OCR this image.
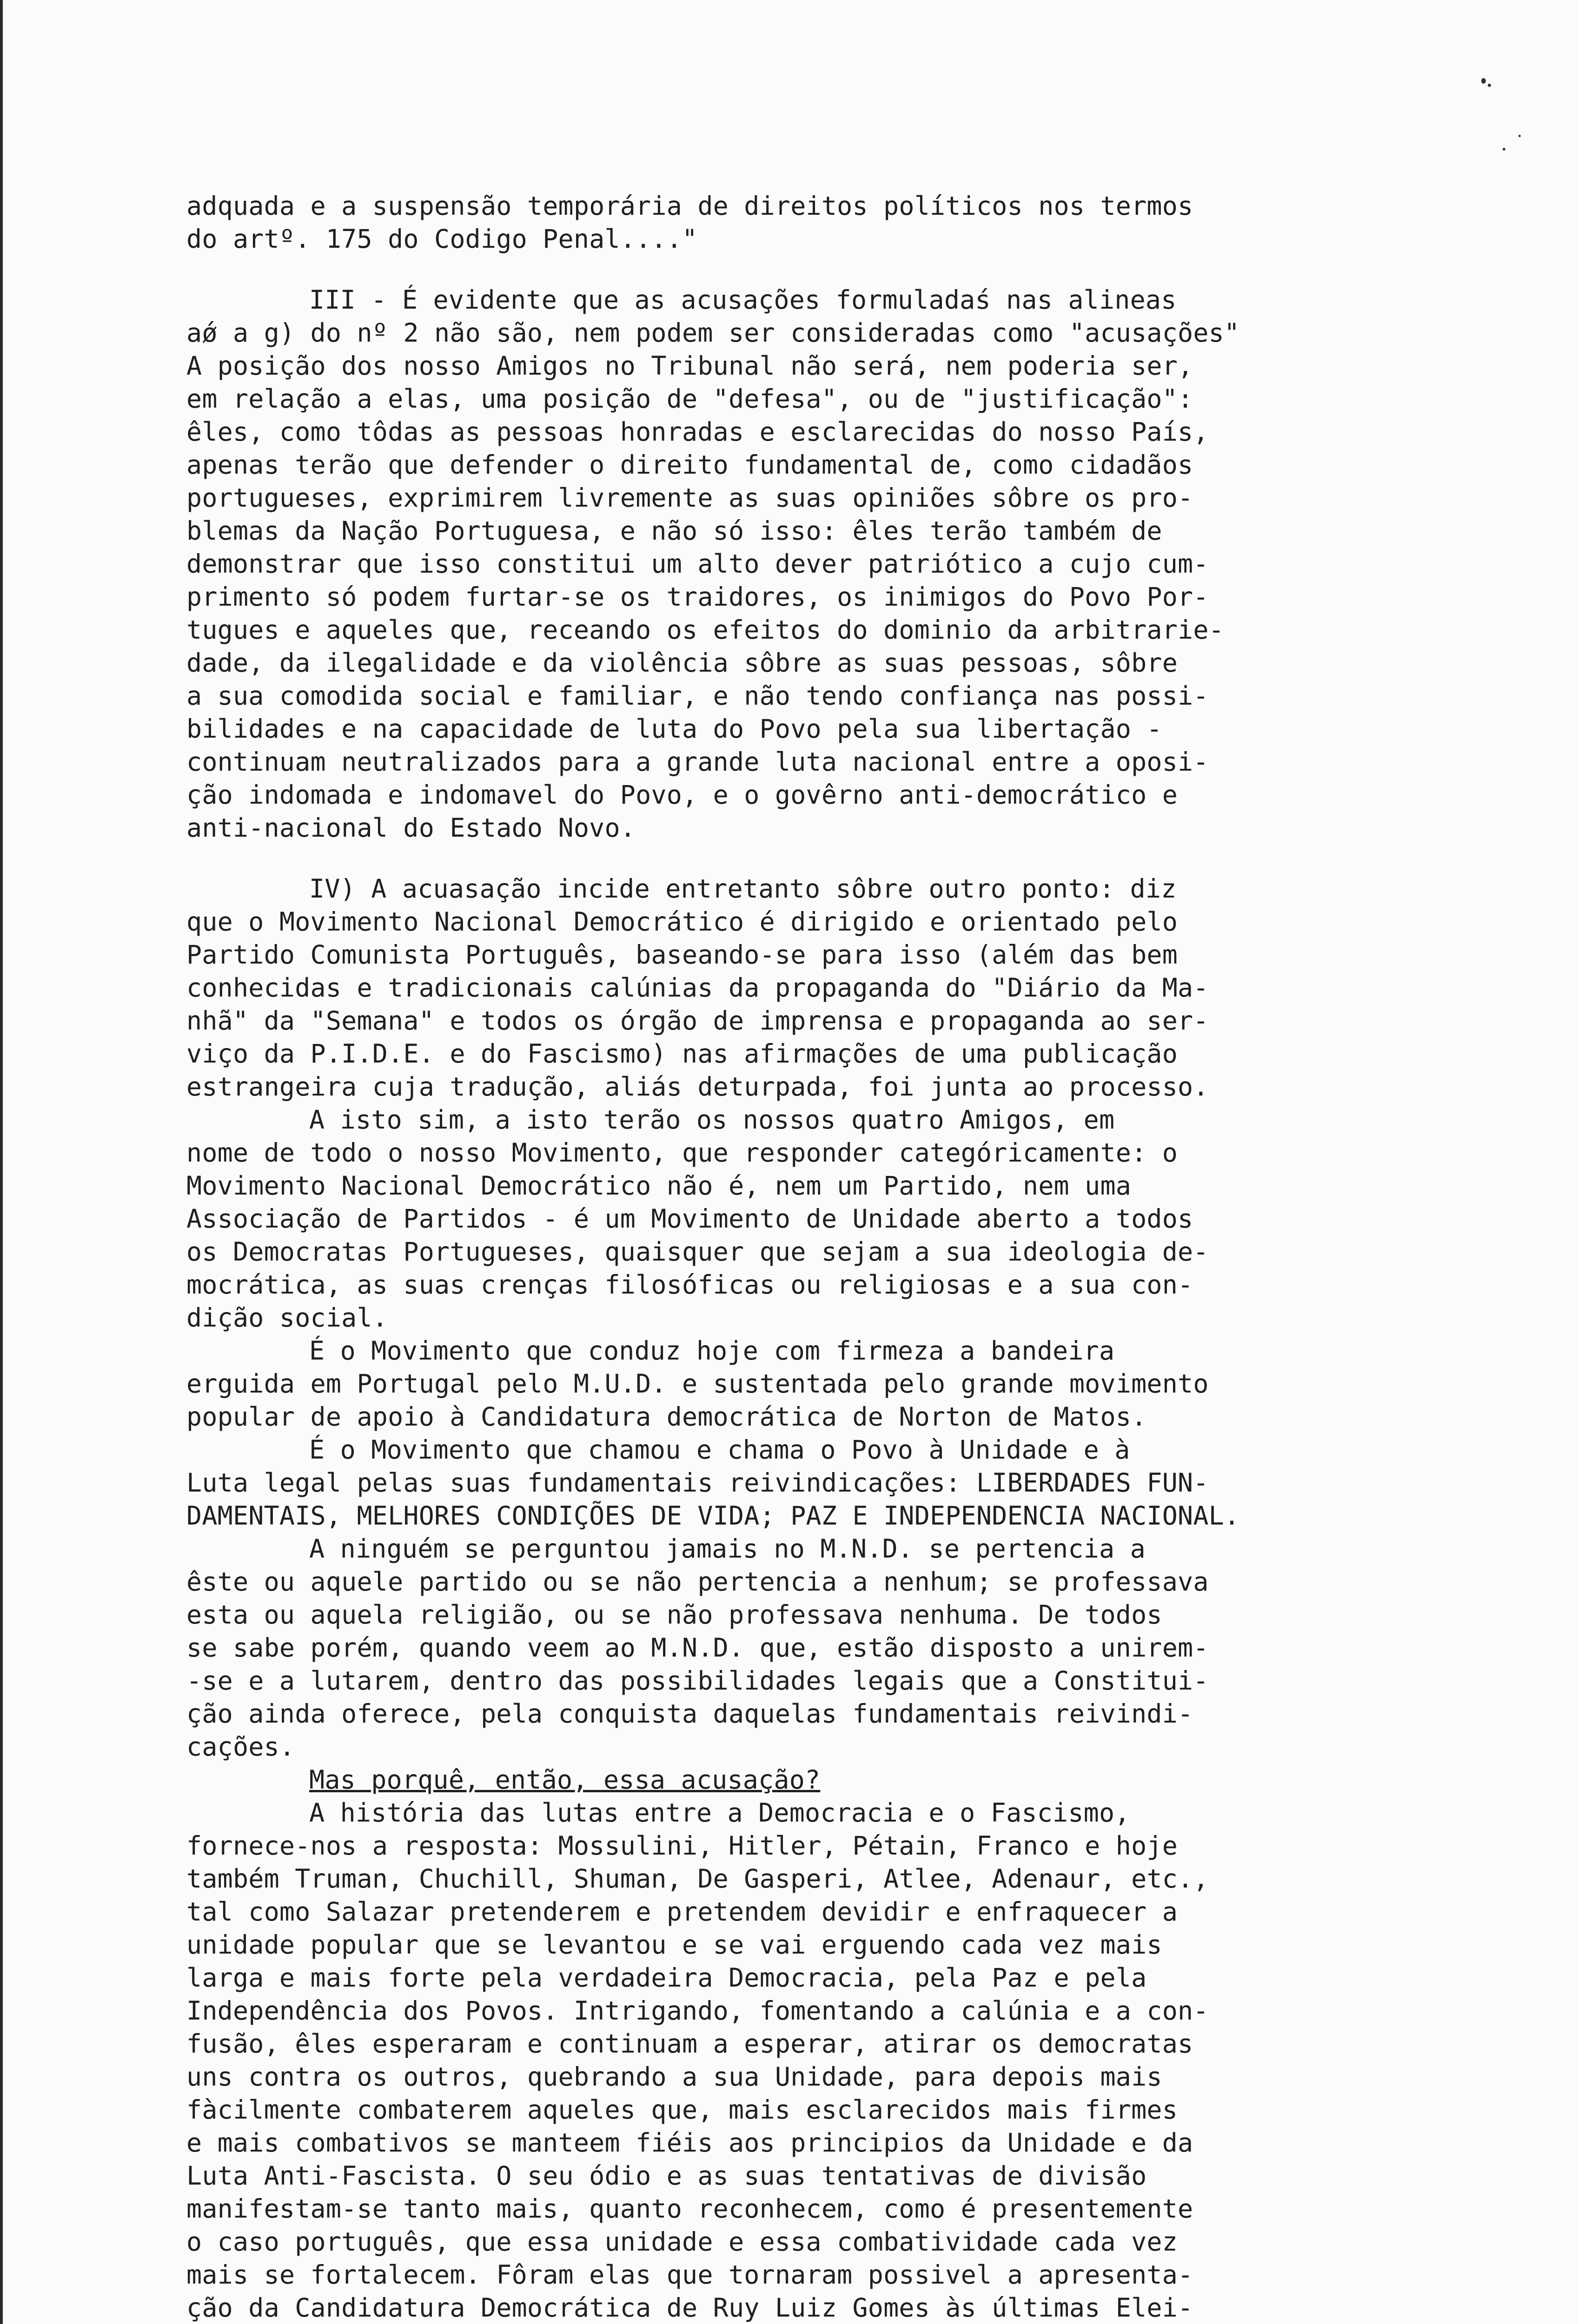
adquada e a suspensão temporária de direitos políticos nos termos
do artº. 175 do Codigo Penal...."
III - É evidente que as acusações formuladaś nas alineas
aǿ a g) do nº 2 não são, nem podem ser consideradas como "acusações"
A posição dos nosso Amigos no Tribunal não será, nem poderia ser,
em relação a elas, uma posição de "defesa", ou de "justificação":
êles, como tôdas as pessoas honradas e esclarecidas do nosso País,
apenas terão que defender o direito fundamental de, como cidadãos
portugueses, exprimirem livremente as suas opiniões sôbre os pro-
blemas da Nação Portuguesa, e não só isso: êles terão também de
demonstrar que isso constitui um alto dever patriótico a cujo cum-
primento só podem furtar-se os traidores, os inimigos do Povo Por-
tugues e aqueles que, receando os efeitos do dominio da arbitrarie-
dade, da ilegalidade e da violência sôbre as suas pessoas, sôbre
a sua comodida social e familiar, e não tendo confiança nas possi-
bilidades e na capacidade de luta do Povo pela sua libertação -
continuam neutralizados para a grande luta nacional entre a oposi-
ção indomada e indomavel do Povo, e o govêrno anti-democrático e
anti-nacional do Estado Novo.
IV) A acuasação incide entretanto sôbre outro ponto: diz
que o Movimento Nacional Democrático é dirigido e orientado pelo
Partido Comunista Português, baseando-se para isso (além das bem
conhecidas e tradicionais calúnias da propaganda do "Diário da Ma-
nhã" da "Semana" e todos os órgão de imprensa e propaganda ao ser-
viço da P.I.D.E. e do Fascismo) nas afirmações de uma publicação
estrangeira cuja tradução, aliás deturpada, foi junta ao processo.
A isto sim, a isto terão os nossos quatro Amigos, em
nome de todo o nosso Movimento, que responder categóricamente: o
Movimento Nacional Democrático não é, nem um Partido, nem uma
Associação de Partidos - é um Movimento de Unidade aberto a todos
os Democratas Portugueses, quaisquer que sejam a sua ideologia de-
mocrática, as suas crenças filosóficas ou religiosas e a sua con-
dição social.
É o Movimento que conduz hoje com firmeza a bandeira
erguida em Portugal pelo M.U.D. e sustentada pelo grande movimento
popular de apoio à Candidatura democrática de Norton de Matos.
É o Movimento que chamou e chama o Povo à Unidade e à
Luta legal pelas suas fundamentais reivindicações: LIBERDADES FUN-
DAMENTAIS, MELHORES CONDIÇÕES DE VIDA; PAZ E INDEPENDENCIA NACIONAL.
A ninguém se perguntou jamais no M.N.D. se pertencia a
êste ou aquele partido ou se não pertencia a nenhum; se professava
esta ou aquela religião, ou se não professava nenhuma. De todos
se sabe porém, quando veem ao M.N.D. que, estão disposto a unirem-
-se e a lutarem, dentro das possibilidades legais que a Constitui-
ção ainda oferece, pela conquista daquelas fundamentais reivindi-
cações.
Mas porquê, então, essa acusação?
A história das lutas entre a Democracia e o Fascismo,
fornece-nos a resposta: Mossulini, Hitler, Pétain, Franco e hoje
também Truman, Chuchill, Shuman, De Gasperi, Atlee, Adenaur, etc.,
tal como Salazar pretenderem e pretendem devidir e enfraquecer a
unidade popular que se levantou e se vai erguendo cada vez mais
larga e mais forte pela verdadeira Democracia, pela Paz e pela
Independência dos Povos. Intrigando, fomentando a calúnia e a con-
fusão, êles esperaram e continuam a esperar, atirar os democratas
uns contra os outros, quebrando a sua Unidade, para depois mais
fàcilmente combaterem aqueles que, mais esclarecidos mais firmes
e mais combativos se manteem fiéis aos principios da Unidade e da
Luta Anti-Fascista. O seu ódio e as suas tentativas de divisão
manifestam-se tanto mais, quanto reconhecem, como é presentemente
o caso português, que essa unidade e essa combatividade cada vez
mais se fortalecem. Fôram elas que tornaram possivel a apresenta-
ção da Candidatura Democrática de Ruy Luiz Gomes às últimas Elei-
